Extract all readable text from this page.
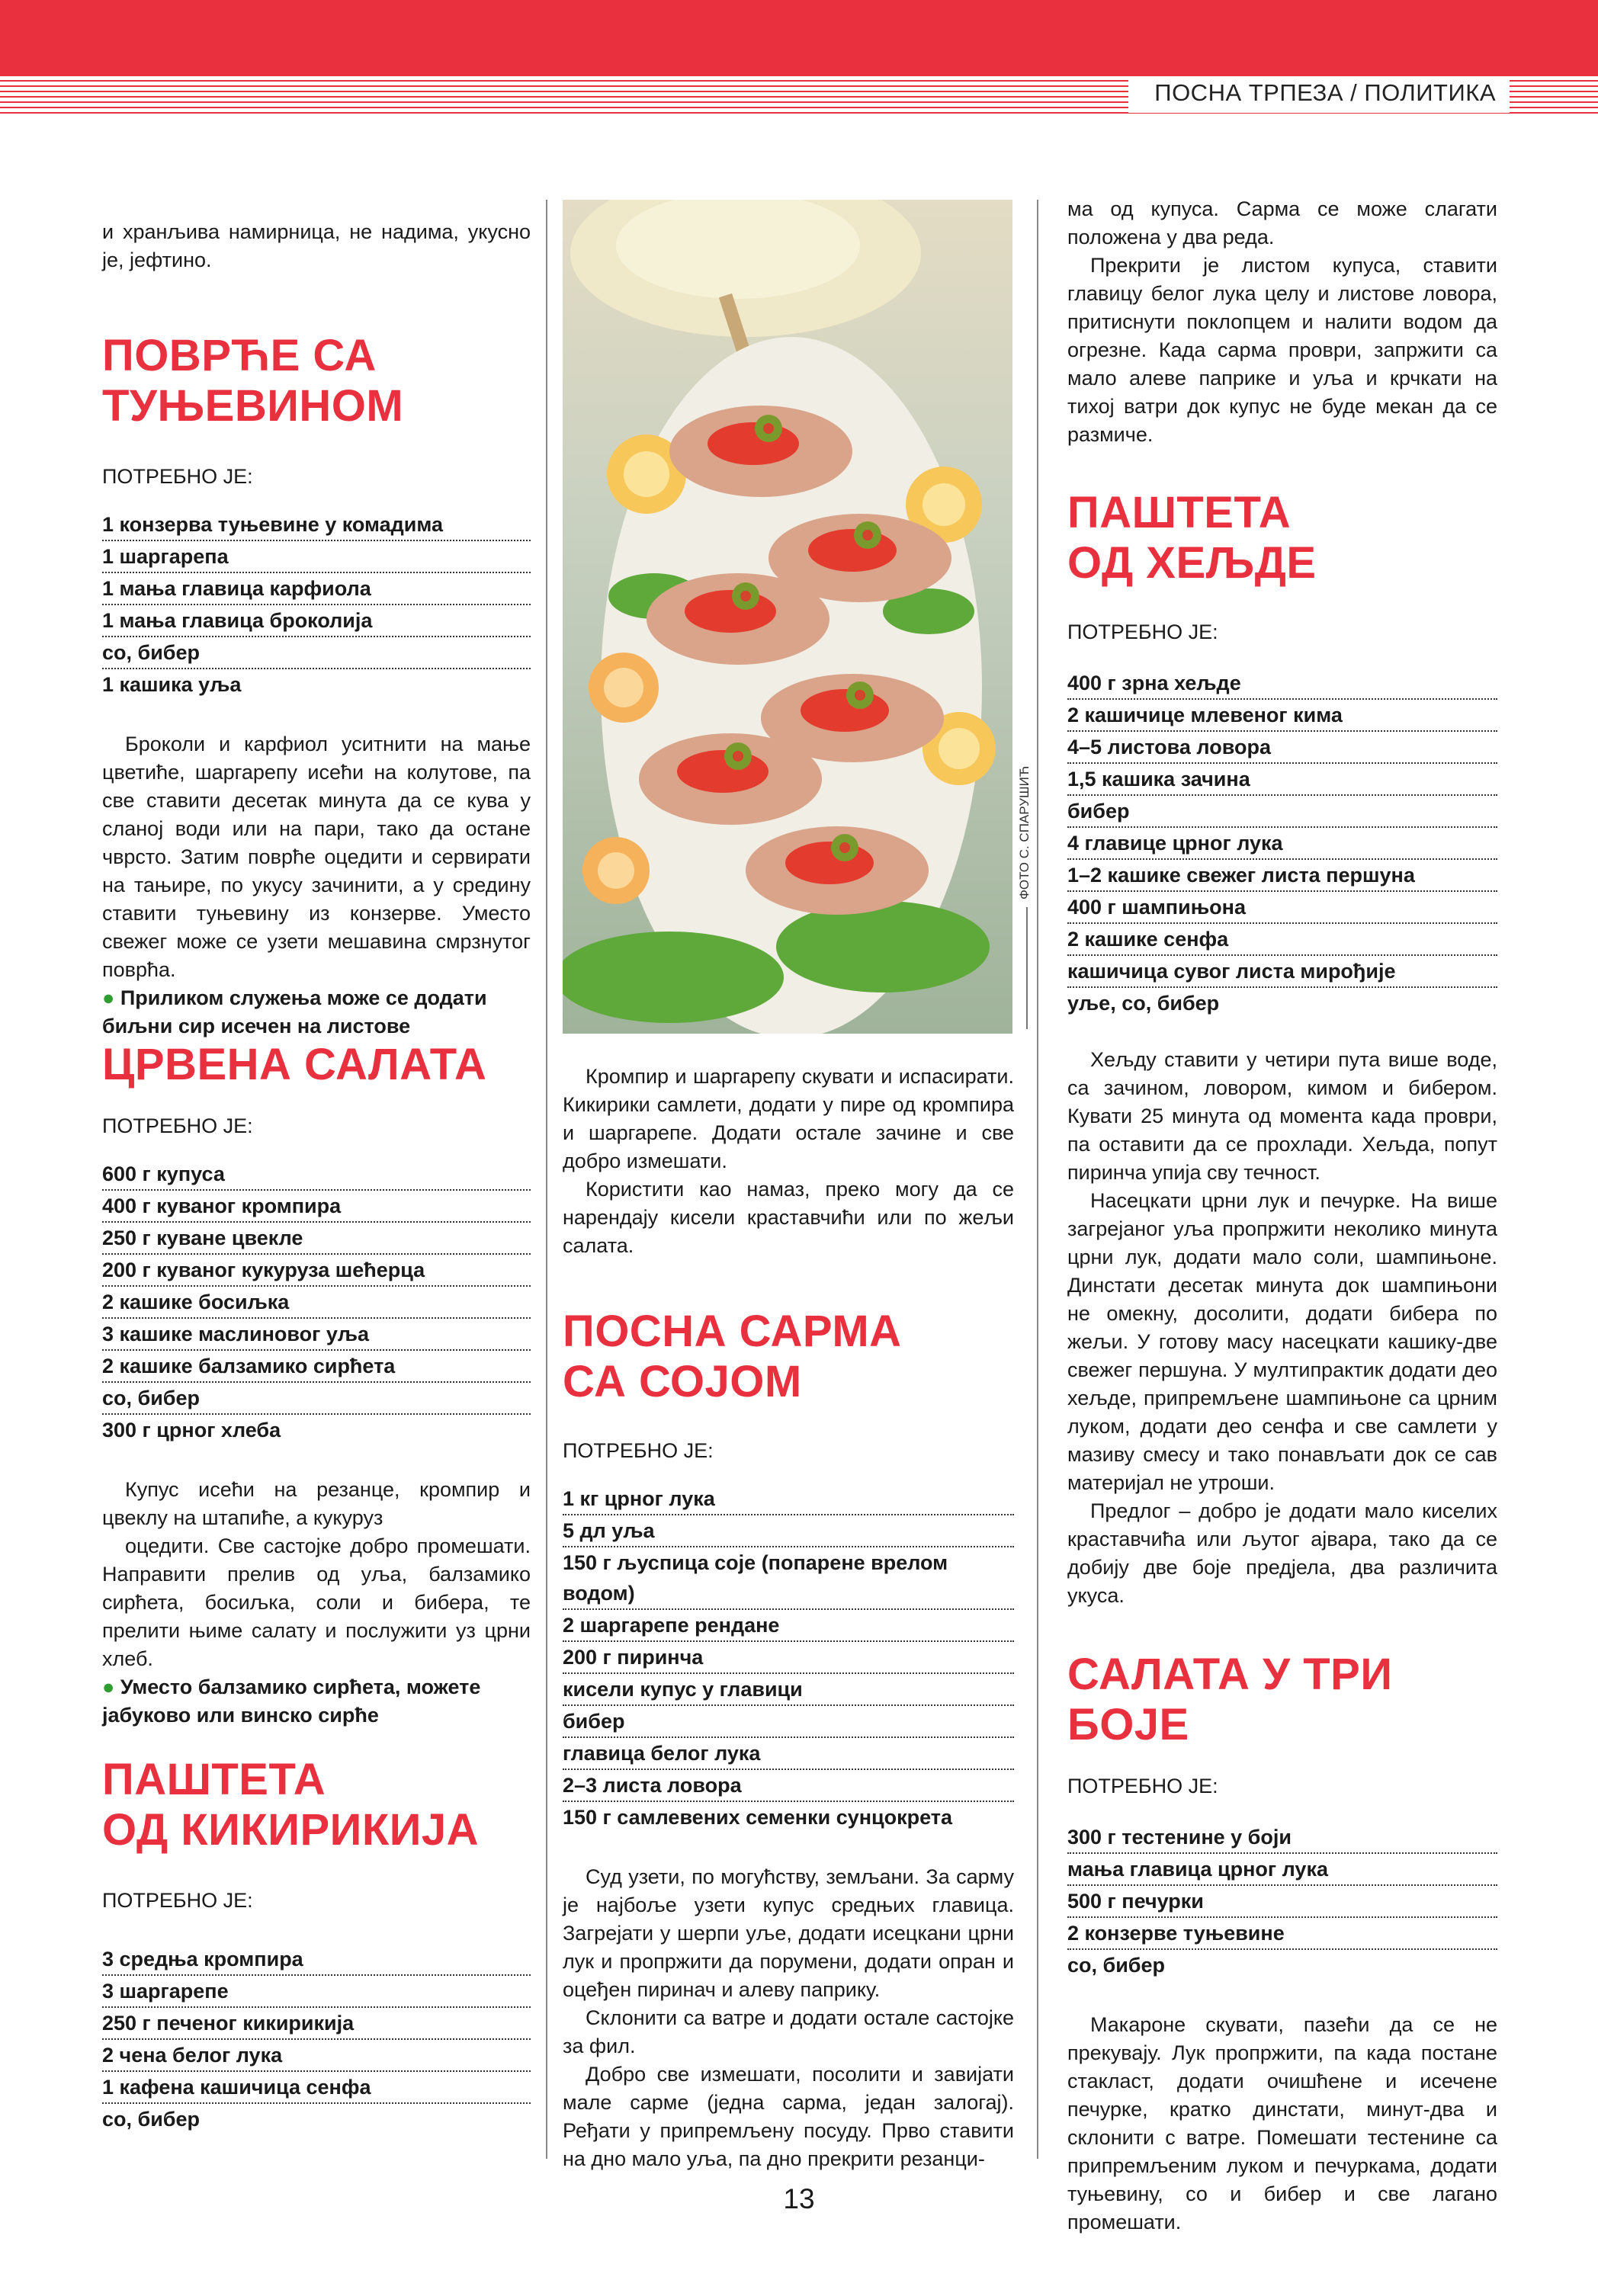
ПОСНА ТРПЕЗА / ПОЛИТИКА

и хранљива намирница, не надима, укусно је, јефтино.

ПОВРЋЕ СА
ТУЊЕВИНОМ

ПОТРЕБНО ЈЕ:

1 конзерва туњевине у комадима
1 шаргарепа
1 мања главица карфиола
1 мања главица броколија
со, бибер
1 кашика уља

Броколи и карфиол уситнити на мање цветиће, шаргарепу исећи на колутове, па све ставити десетак минута да се кува у сланој води или на пари, тако да остане чврсто. Затим поврће оцедити и сервирати на тањире, по укусу зачинити, а у средину ставити туњевину из конзерве. Уместо свежег може се узети мешавина смрзнутог поврћа.

● Приликом служења може се додати биљни сир исечен на листове

ЦРВЕНА САЛАТА

ПОТРЕБНО ЈЕ:

600 г купуса
400 г куваног кромпира
250 г куване цвекле
200 г куваног кукуруза шећерца
2 кашике босиљка
3 кашике маслиновог уља
2 кашике балзамико сирћета
со, бибер
300 г црног хлеба

Купус исећи на резанце, кромпир и цвеклу на штапиће, а кукуруз

оцедити. Све састојке добро промешати. Направити прелив од уља, балзамико сирћета, босиљка, соли и бибера, те прелити њиме салату и послужити уз црни хлеб.

● Уместо балзамико сирћета, можете јабуково или винско сирће

ПАШТЕТА
ОД КИКИРИКИЈА

ПОТРЕБНО ЈЕ:

3 средња кромпира
3 шаргарепе
250 г печеног кикирикија
2 чена белог лука
1 кафена кашичица сенфа
со, бибер
ФОТО С. СПАРУШИЋ

Кромпир и шаргарепу скувати и испасирати. Кикирики самлети, додати у пире од кромпира и шаргарепе. Додати остале зачине и све добро измешати.

Користити као намаз, преко могу да се нарендају кисели краставчићи или по жељи салата.

ПОСНА САРМА
СА СОЈОМ

ПОТРЕБНО ЈЕ:

1 кг црног лука
5 дл уља
150 г љуспица соје (попарене врелом водом)
2 шаргарепе рендане
200 г пиринча
кисели купус у главици
бибер
главица белог лука
2–3 листа ловора
150 г самлевених семенки сунцокрета

Суд узети, по могућству, земљани. За сарму је најбоље узети купус средњих главица. Загрејати у шерпи уље, додати исецкани црни лук и пропржити да порумени, додати опран и оцеђен пиринач и алеву паприку.

Склонити са ватре и додати остале састојке за фил.

Добро све измешати, посолити и завијати мале сарме (једна сарма, један залогај). Ређати у припремљену посуду. Прво ставити на дно мало уља, па дно прекрити резанци-

ма од купуса. Сарма се може слагати положена у два реда.

Прекрити је листом купуса, ставити главицу белог лука целу и листове ловора, притиснути поклопцем и налити водом да огрезне. Када сарма проври, запржити са мало алеве паприке и уља и крчкати на тихој ватри док купус не буде мекан да се размиче.

ПАШТЕТА
ОД ХЕЉДЕ

ПОТРЕБНО ЈЕ:

400 г зрна хељде
2 кашичице млевеног кима
4–5 листова ловора
1,5 кашика зачина
бибер
4 главице црног лука
1–2 кашике свежег листа першуна
400 г шампињона
2 кашике сенфа
кашичица сувог листа мирођије
уље, со, бибер

Хељду ставити у четири пута више воде, са зачином, ловором, кимом и бибером. Кувати 25 минута од момента када проври, па оставити да се прохлади. Хељда, попут пиринча упија сву течност.

Насецкати црни лук и печурке. На више загрејаног уља пропржити неколико минута црни лук, додати мало соли, шампињоне. Динстати десетак минута док шампињони не омекну, досолити, додати бибера по жељи. У готову масу насецкати кашику-две свежег першуна. У мултипрактик додати део хељде, припремљене шампињоне са црним луком, додати део сенфа и све самлети у мазиву смесу и тако понављати док се сав материјал не утроши.

Предлог – добро је додати мало киселих краставчића или љутог ајвара, тако да се добију две боје предјела, два различита укуса.

САЛАТА У ТРИ БОЈЕ

ПОТРЕБНО ЈЕ:

300 г тестенине у боји
мања главица црног лука
500 г печурки
2 конзерве туњевине
со, бибер

Макароне скувати, пазећи да се не прекувају. Лук пропржити, па када постане стакласт, додати очишћене и исечене печурке, кратко динстати, минут-два и склонити с ватре. Помешати тестенине са припремљеним луком и печуркама, додати туњевину, со и бибер и све лагано промешати.

13
